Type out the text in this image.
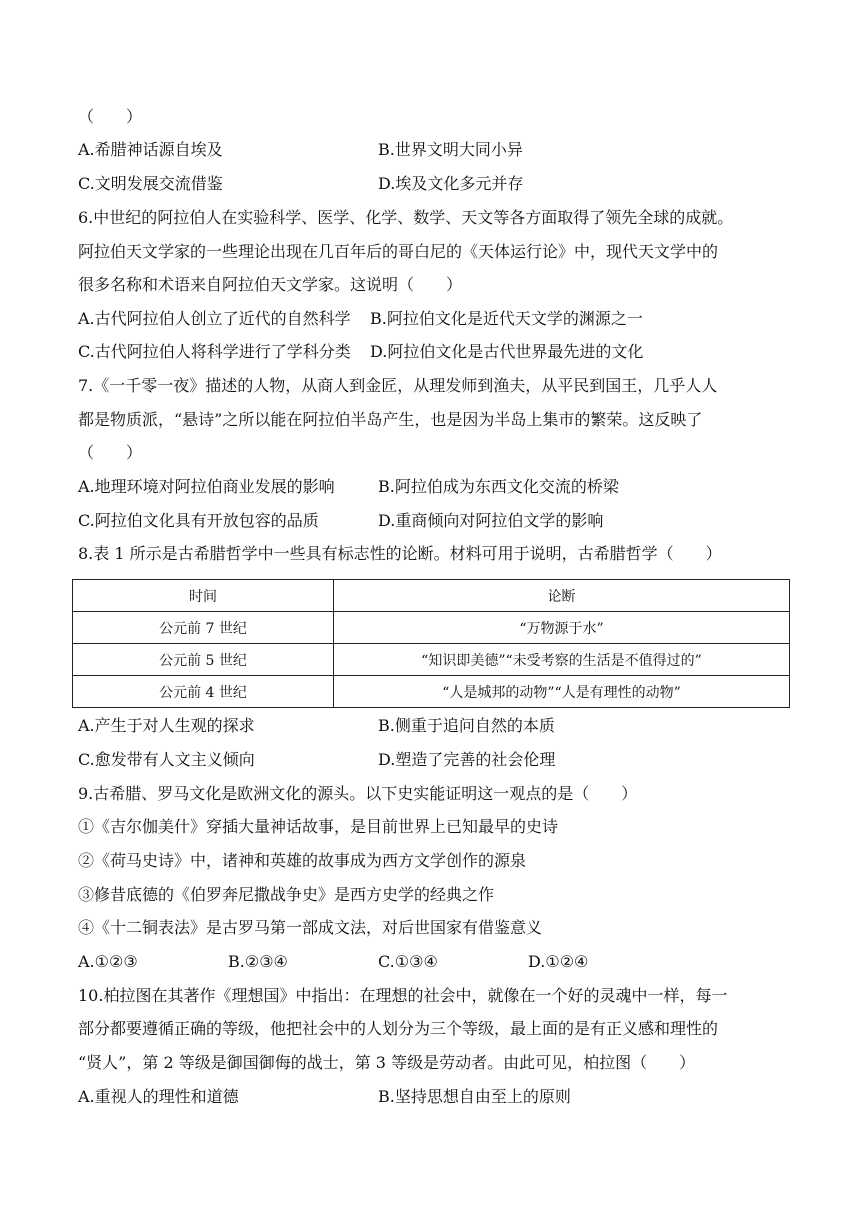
（　　）
A.希腊神话源自埃及	B.世界文明大同小异
C.文明发展交流借鉴	D.埃及文化多元并存
6.中世纪的阿拉伯人在实验科学、医学、化学、数学、天文等各方面取得了领先全球的成就。
阿拉伯天文学家的一些理论出现在几百年后的哥白尼的《天体运行论》中，现代天文学中的
很多名称和术语来自阿拉伯天文学家。这说明（　　）
A.古代阿拉伯人创立了近代的自然科学 B.阿拉伯文化是近代天文学的渊源之一
C.古代阿拉伯人将科学进行了学科分类 D.阿拉伯文化是古代世界最先进的文化
7.《一千零一夜》描述的人物，从商人到金匠，从理发师到渔夫，从平民到国王，几乎人人
都是物质派，“悬诗”之所以能在阿拉伯半岛产生，也是因为半岛上集市的繁荣。这反映了
（　　）
A.地理环境对阿拉伯商业发展的影响	B.阿拉伯成为东西文化交流的桥梁
C.阿拉伯文化具有开放包容的品质	D.重商倾向对阿拉伯文学的影响
8.表 1 所示是古希腊哲学中一些具有标志性的论断。材料可用于说明，古希腊哲学（　　）
时间	论断
公元前 7 世纪	“万物源于水”
公元前 5 世纪	“知识即美德”“未受考察的生活是不值得过的”
公元前 4 世纪	“人是城邦的动物”“人是有理性的动物”
A.产生于对人生观的探求	B.侧重于追问自然的本质
C.愈发带有人文主义倾向	D.塑造了完善的社会伦理
9.古希腊、罗马文化是欧洲文化的源头。以下史实能证明这一观点的是（　　）
①《吉尔伽美什》穿插大量神话故事，是目前世界上已知最早的史诗
②《荷马史诗》中，诸神和英雄的故事成为西方文学创作的源泉
③修昔底德的《伯罗奔尼撒战争史》是西方史学的经典之作
④《十二铜表法》是古罗马第一部成文法，对后世国家有借鉴意义
A.①②③	B.②③④	C.①③④	D.①②④
10.柏拉图在其著作《理想国》中指出：在理想的社会中，就像在一个好的灵魂中一样，每一
部分都要遵循正确的等级，他把社会中的人划分为三个等级，最上面的是有正义感和理性的
“贤人”，第 2 等级是御国御侮的战士，第 3 等级是劳动者。由此可见，柏拉图（　　）
A.重视人的理性和道德	B.坚持思想自由至上的原则
